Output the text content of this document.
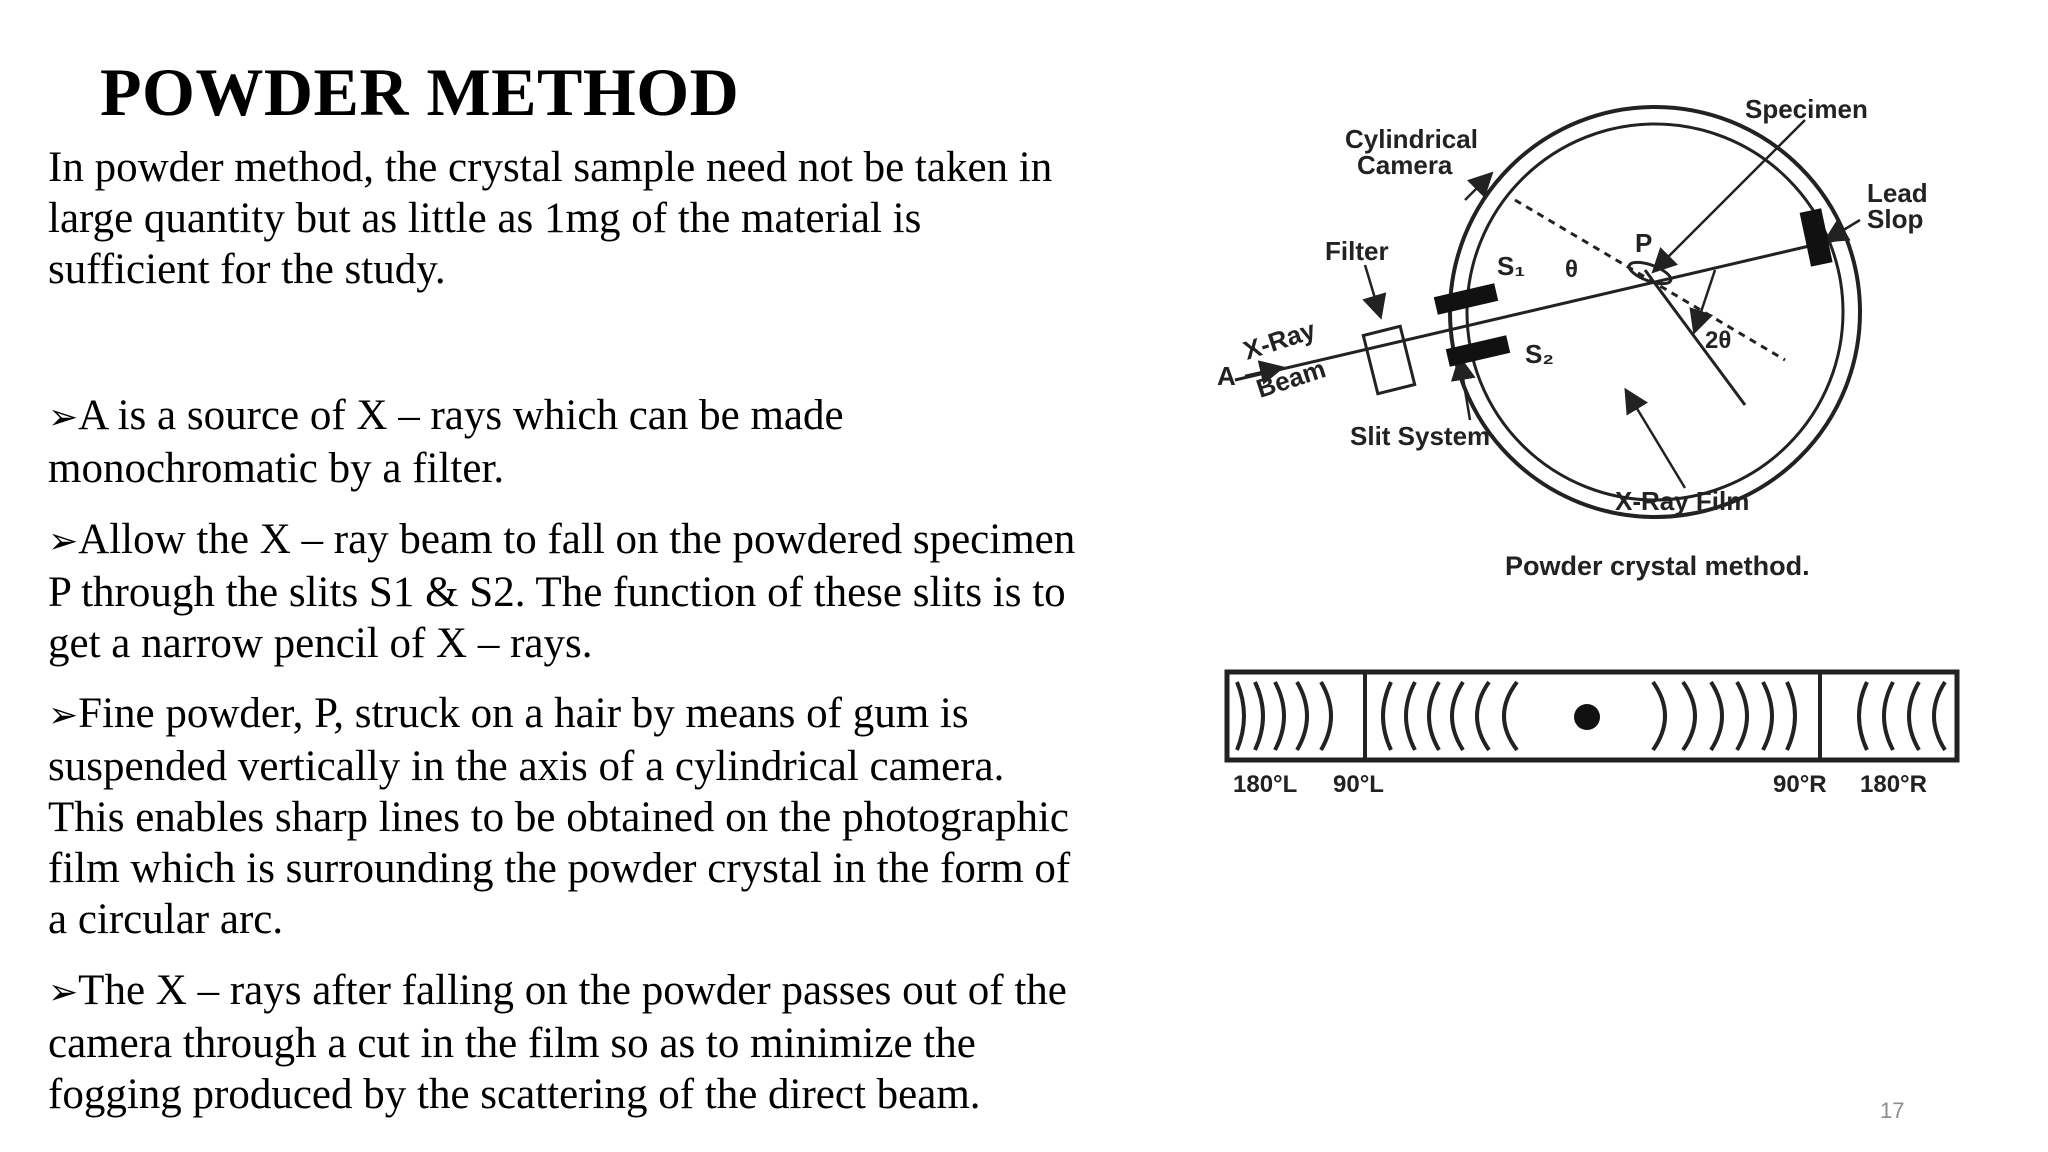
POWDER METHOD

In powder method, the crystal sample need not be taken in
large quantity but as little as 1mg of the material is
sufficient for the study.

➢A is a source of X – rays which can be made
monochromatic by a filter.

➢Allow the X – ray beam to fall on the powdered specimen
P through the slits S1 & S2. The function of these slits is to
get a narrow pencil of X – rays.

➢Fine powder, P, struck on a hair by means of gum is
suspended vertically in the axis of a cylindrical camera.
This enables sharp lines to be obtained on the photographic
film which is surrounding the powder crystal in the form of
a circular arc.

➢The X – rays after falling on the powder passes out of the
camera through a cut in the film so as to minimize the
fogging produced by the scattering of the direct beam.

Cylindrical
Camera
Specimen
Lead
Slop
Filter	S₁
S₂
θ
P
2θ
A
X-Ray
Beam
Slit System
X-Ray Film
Powder crystal method.
180°L 90°L	90°R 180°R
17
